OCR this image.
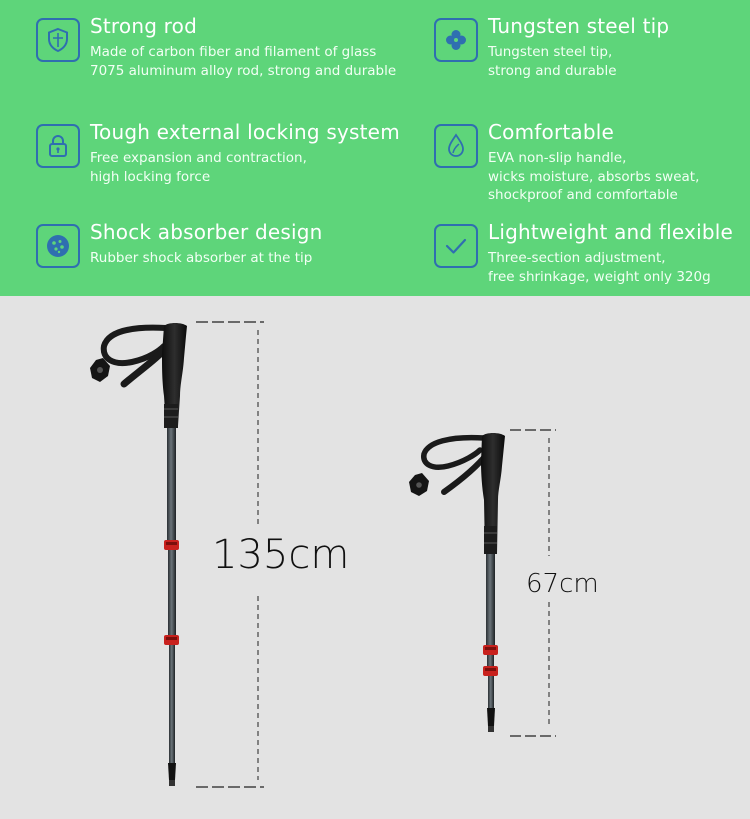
Strong rod
Made of carbon fiber and filament of glass
7075 aluminum alloy rod, strong and durable
Tungsten steel tip
Tungsten steel tip,
strong and durable
Tough external locking system
Free expansion and contraction,
high locking force
Comfortable
EVA non-slip handle,
wicks moisture, absorbs sweat,
shockproof and comfortable
Shock absorber design
Rubber shock absorber at the tip
Lightweight and flexible
Three-section adjustment,
free shrinkage, weight only 320g
135cm
67cm
